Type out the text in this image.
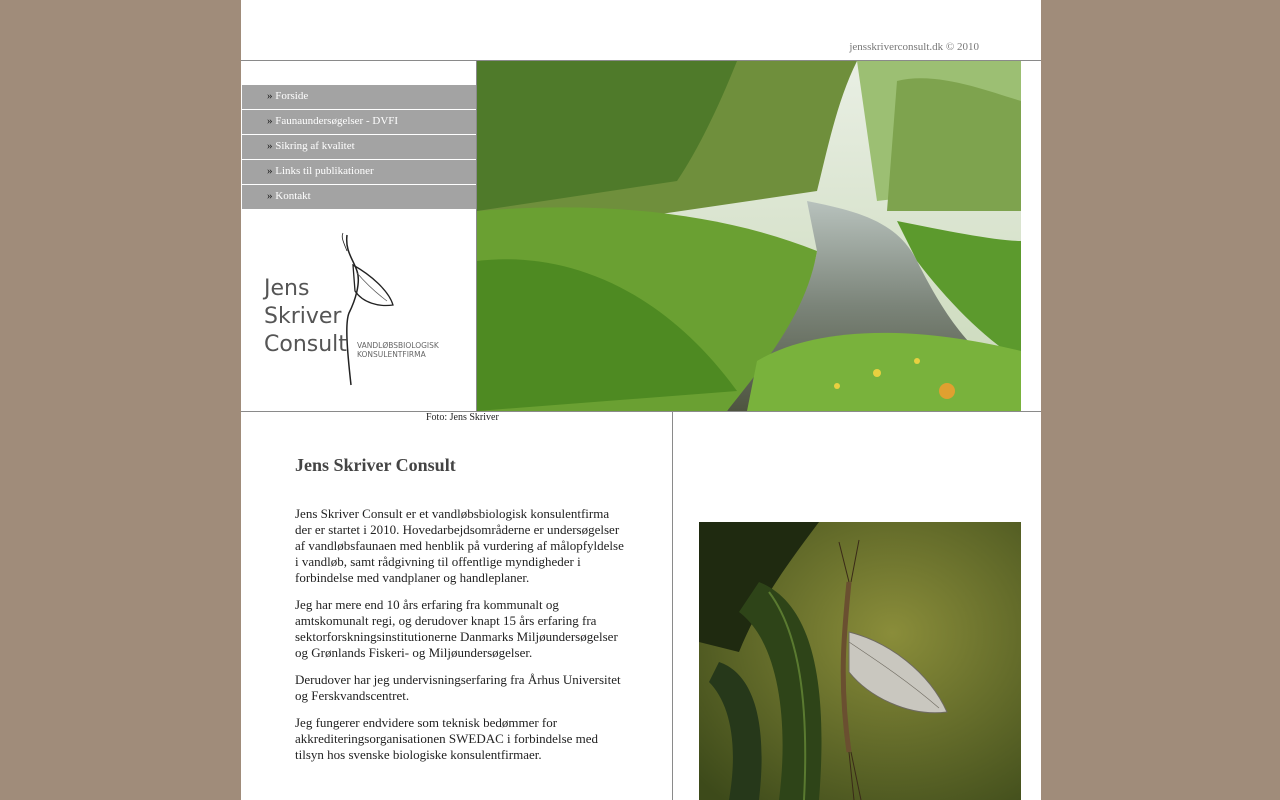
jensskriverconsult.dk © 2010
» Forside
» Faunaundersøgelser - DVFI
» Sikring af kvalitet
» Links til publikationer
» Kontakt
Jens
Skriver
Consult VANDLØBSBIOLOGISK
KONSULENTFIRMA
Foto: Jens Skriver
Jens Skriver Consult

Jens Skriver Consult er et vandløbsbiologisk konsulentfirma der er startet i 2010. Hovedarbejdsområderne er undersøgelser af vandløbsfaunaen med henblik på vurdering af målopfyldelse i vandløb, samt rådgivning til offentlige myndigheder i forbindelse med vandplaner og handleplaner.

Jeg har mere end 10 års erfaring fra kommunalt og amtskomunalt regi, og derudover knapt 15 års erfaring fra sektorforskningsinstitutionerne Danmarks Miljøundersøgelser og Grønlands Fiskeri- og Miljøundersøgelser.

Derudover har jeg undervisningserfaring fra Århus Universitet og Ferskvandscentret.

Jeg fungerer endvidere som teknisk bedømmer for akkrediteringsorganisationen SWEDAC i forbindelse med tilsyn hos svenske biologiske konsulentfirmaer.
